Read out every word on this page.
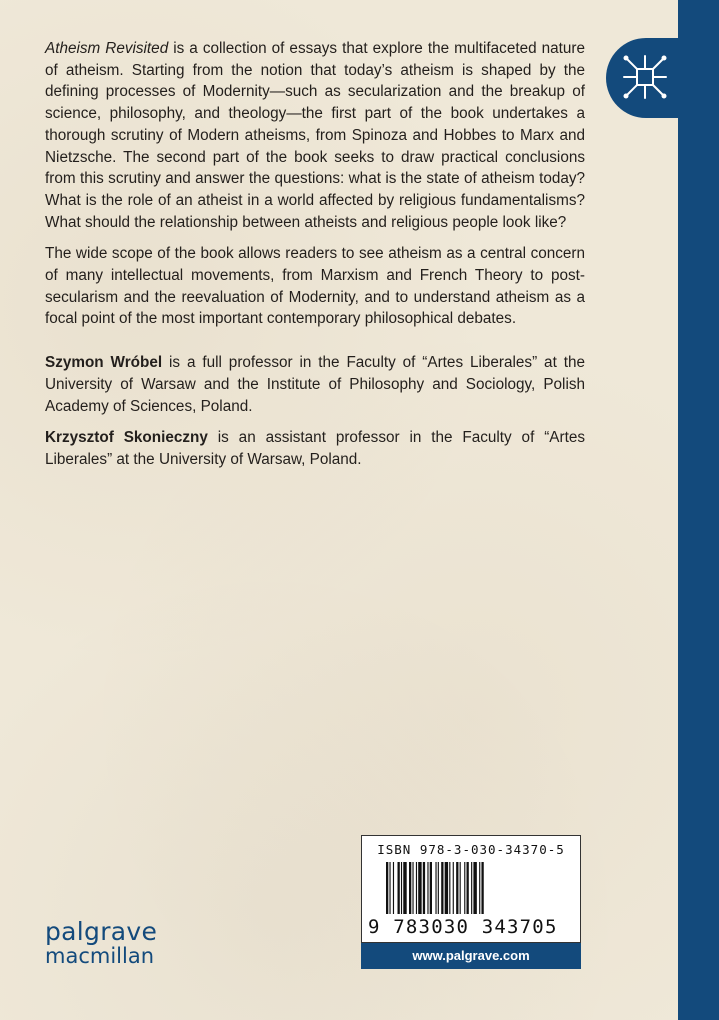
Atheism Revisited is a collection of essays that explore the multifaceted nature of atheism. Starting from the notion that today’s atheism is shaped by the defining processes of Modernity—such as secularization and the breakup of science, philosophy, and theology—the first part of the book undertakes a thorough scrutiny of Modern atheisms, from Spinoza and Hobbes to Marx and Nietzsche. The second part of the book seeks to draw practical conclusions from this scrutiny and answer the questions: what is the state of atheism today? What is the role of an atheist in a world affected by religious fundamentalisms? What should the relationship between atheists and religious people look like?

The wide scope of the book allows readers to see atheism as a central concern of many intellectual movements, from Marxism and French Theory to post-secularism and the reevaluation of Modernity, and to understand atheism as a focal point of the most important contemporary philosophical debates.

Szymon Wróbel is a full professor in the Faculty of “Artes Liberales” at the University of Warsaw and the Institute of Philosophy and Sociology, Polish Academy of Sciences, Poland.

Krzysztof Skonieczny is an assistant professor in the Faculty of “Artes Liberales” at the University of Warsaw, Poland.

ISBN 978-3-030-34370-5
9 783030 343705
www.palgrave.com
palgrave
macmillan
